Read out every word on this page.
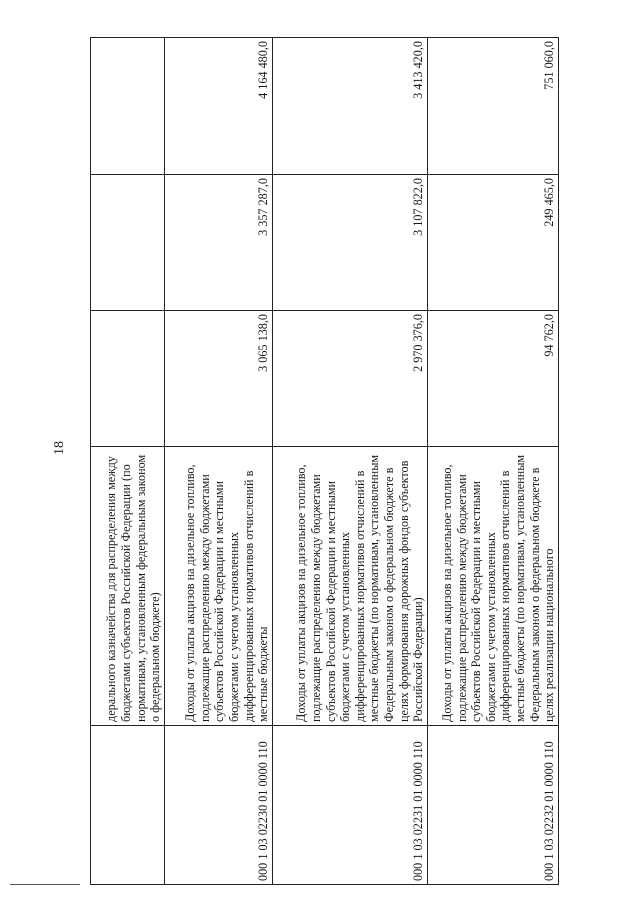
18
	дерального казначейства для распределения между бюджетами субъектов Российской Федерации (по нормативам, установленным федеральным законом о федеральном бюджете)			
000 1 03 02230 01 0000 110	Доходы от уплаты акцизов на дизельное топливо, подлежащие распределению между бюджетами субъектов Российской Федерации и местными бюджетами с учетом установленных дифференцированных нормативов отчислений в местные бюджеты	3 065 138,0	3 357 287,0	4 164 480,0
000 1 03 02231 01 0000 110	Доходы от уплаты акцизов на дизельное топливо, подлежащие распределению между бюджетами субъектов Российской Федерации и местными бюджетами с учетом установленных дифференцированных нормативов отчислений в местные бюджеты (по нормативам, установленным Федеральным законом о федеральном бюджете в целях формирования дорожных фондов субъектов Российской Федерации)	2 970 376,0	3 107 822,0	3 413 420,0
000 1 03 02232 01 0000 110	Доходы от уплаты акцизов на дизельное топливо, подлежащие распределению между бюджетами субъектов Российской Федерации и местными бюджетами с учетом установленных дифференцированных нормативов отчислений в местные бюджеты (по нормативам, установленным Федеральным законом о федеральном бюджете в целях реализации национального	94 762,0	249 465,0	751 060,0
